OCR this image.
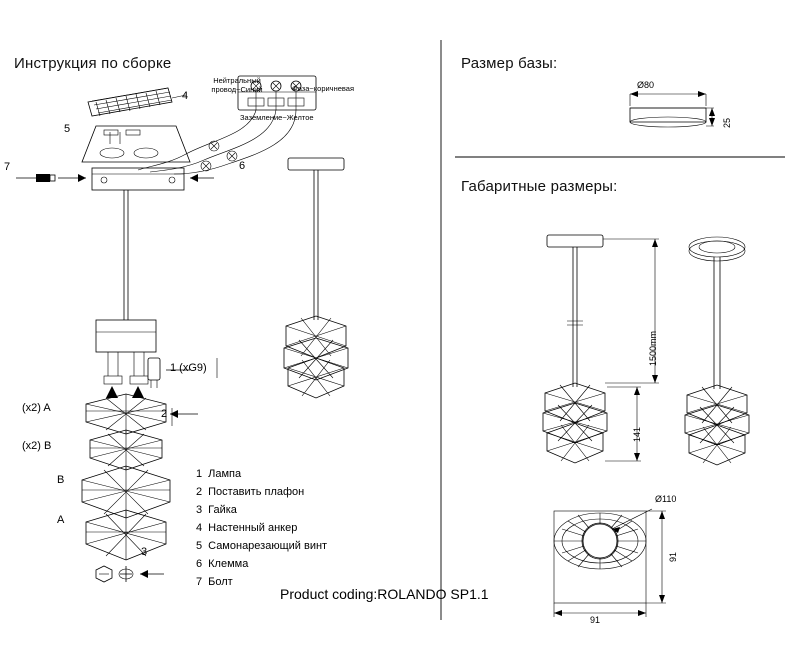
Инструкция по сборке
Нейтральный
провод~Синий	Фаза~коричневая
Заземление~Желтое
4
5
6
7
1 (xG9)
2
3
(x2) A
(x2) B
B
A
1 Лампа
2 Поставить плафон
3 Гайка
4 Настенный анкер
5 Самонарезающий винт
6 Клемма
7 Болт
Product coding:ROLANDO SP1.1
Размер базы:
Ø80
25
Габаритные размеры:
1500mm
141
Ø110
91
91
